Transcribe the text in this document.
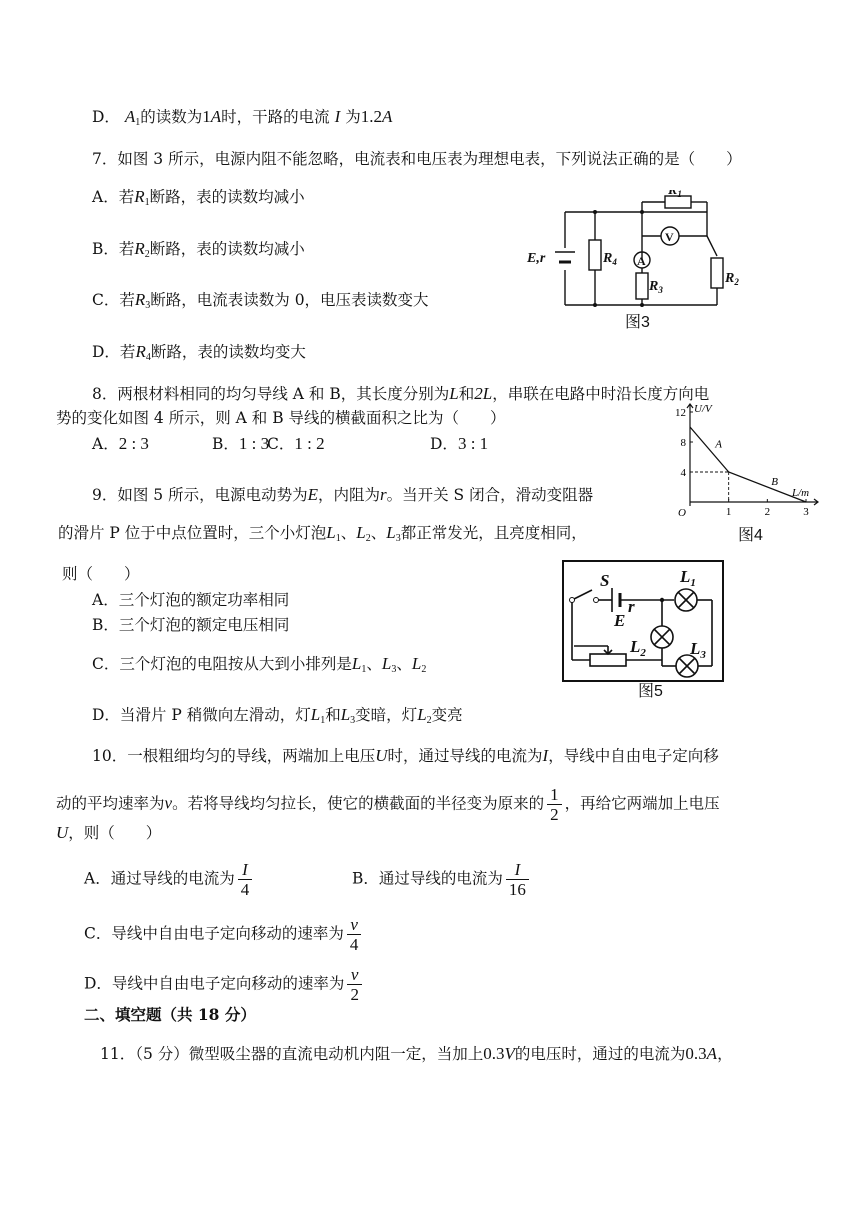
D． $A_1$的读数为1A时，干路的电流 I 为1.2A
7．如图 3 所示，电源内阻不能忽略，电流表和电压表为理想电表，下列说法正确的是（　　）
A．若$R_1$断路，表的读数均减小
B．若$R_2$断路，表的读数均减小
C．若$R_3$断路，电流表读数为 0，电压表读数变大
D．若$R_4$断路，表的读数均变大
E,r	$R_4$
$R_1$
V
A
$R_3$
$R_2$
图3
8．两根材料相同的均匀导线 A 和 B，其长度分别为L和2L，串联在电路中时沿长度方向电
势的变化如图 4 所示，则 A 和 B 导线的横截面积之比为（　　）
A．2 : 3	B．1 : 3
C．1 : 2	D．3 : 1
4
8
12
1	2	3
A
B
U/V
L/m
O
图4
9．如图 5 所示，电源电动势为E，内阻为r。当开关 S 闭合，滑动变阻器
的滑片 P 位于中点位置时，三个小灯泡$L_1$、$L_2$、$L_3$都正常发光，且亮度相同，
则（　　）
A．三个灯泡的额定功率相同
B．三个灯泡的额定电压相同
C．三个灯泡的电阻按从大到小排列是$L_1$、$L_3$、$L_2$
D．当滑片 P 稍微向左滑动，灯$L_1$和$L_3$变暗，灯$L_2$变亮
S
E
r
$L_1$
$L_2$	$L_3$
图5
10．一根粗细均匀的导线，两端加上电压U时，通过导线的电流为I，导线中自由电子定向移
动的平均速率为v。若将导线均匀拉长，使它的横截面的半径变为原来的 $\frac{1}{2}$ ，再给它两端加上电压
U，则（　　）
A．通过导线的电流为 $\frac{I}{4}$	B．通过导线的电流为 $\frac{I}{16}$
C．导线中自由电子定向移动的速率为 $\frac{v}{4}$
D．导线中自由电子定向移动的速率为 $\frac{v}{2}$
二、填空题（共 18 分）
11．（5 分）微型吸尘器的直流电动机内阻一定，当加上0.3V的电压时，通过的电流为0.3A，
